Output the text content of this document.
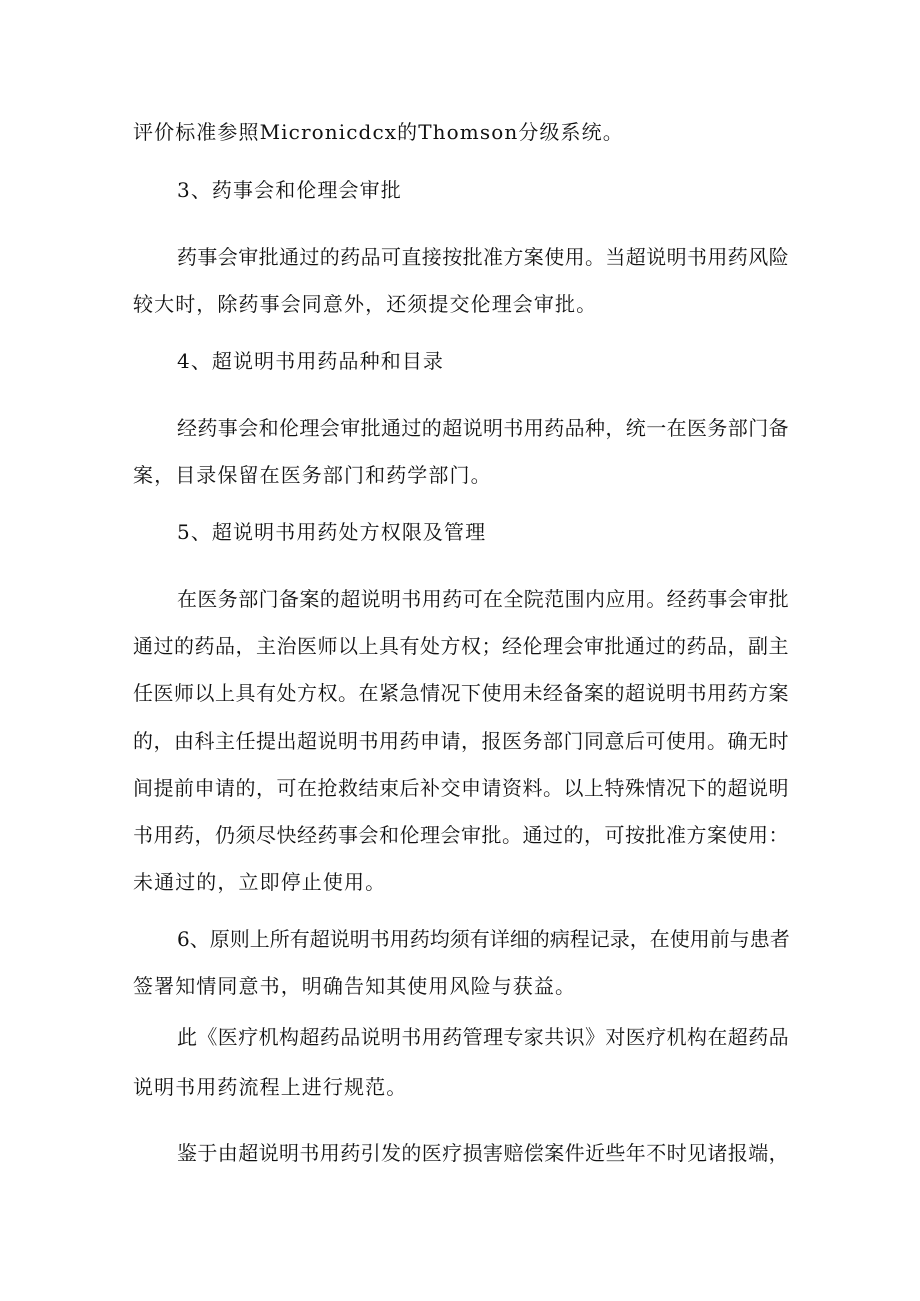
评价标准参照Micronicdcx的Thomson分级系统。
3、药事会和伦理会审批
药事会审批通过的药品可直接按批准方案使用。当超说明书用药风险
较大时，除药事会同意外，还须提交伦理会审批。
4、超说明书用药品种和目录
经药事会和伦理会审批通过的超说明书用药品种，统一在医务部门备
案，目录保留在医务部门和药学部门。
5、超说明书用药处方权限及管理
在医务部门备案的超说明书用药可在全院范围内应用。经药事会审批
通过的药品，主治医师以上具有处方权；经伦理会审批通过的药品，副主
任医师以上具有处方权。在紧急情况下使用未经备案的超说明书用药方案
的，由科主任提出超说明书用药申请，报医务部门同意后可使用。确无时
间提前申请的，可在抢救结束后补交申请资料。以上特殊情况下的超说明
书用药，仍须尽快经药事会和伦理会审批。通过的，可按批准方案使用：
未通过的，立即停止使用。
6、原则上所有超说明书用药均须有详细的病程记录，在使用前与患者
签署知情同意书，明确告知其使用风险与获益。
此《医疗机构超药品说明书用药管理专家共识》对医疗机构在超药品
说明书用药流程上进行规范。
鉴于由超说明书用药引发的医疗损害赔偿案件近些年不时见诸报端，
